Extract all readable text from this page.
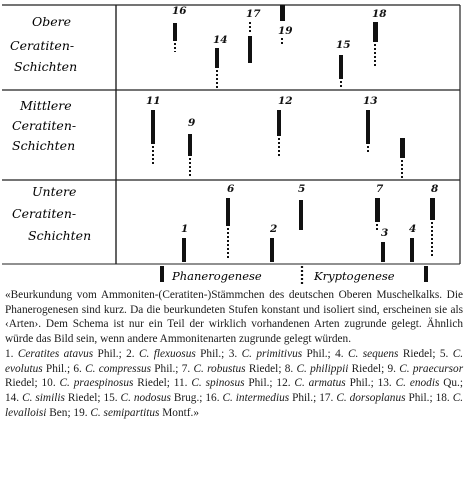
Obere
Ceratiten-
Schichten
Mittlere
Ceratiten-
Schichten
Untere
Ceratiten-
Schichten
16
14
17
19
15
18
11
9
12	13
6	5	7	8
1	2	3 4
Phanerogenese	Kryptogenese

«Beurkundung vom Ammoniten-(Ceratiten-)Stämmchen des deutschen Oberen Muschelkalks. Die Phanerogenesen sind kurz. Da die beurkundeten Stufen konstant und isoliert sind, erscheinen sie als ‹Arten›. Dem Schema ist nur ein Teil der wirklich vorhandenen Arten zugrunde gelegt. Ähnlich würde das Bild sein, wenn andere Ammonitenarten zugrunde gelegt würden.
1. Ceratites atavus Phil.; 2. C. flexuosus Phil.; 3. C. primitivus Phil.; 4. C. sequens Riedel; 5. C. evolutus Phil.; 6. C. compressus Phil.; 7. C. robustus Riedel; 8. C. philippii Riedel; 9. C. praecursor Riedel; 10. C. praespinosus Riedel; 11. C. spinosus Phil.; 12. C. armatus Phil.; 13. C. enodis Qu.; 14. C. similis Riedel; 15. C. nodosus Brug.; 16. C. intermedius Phil.; 17. C. dorsoplanus Phil.; 18. C. levalloisi Ben; 19. C. semipartitus Montf.»
